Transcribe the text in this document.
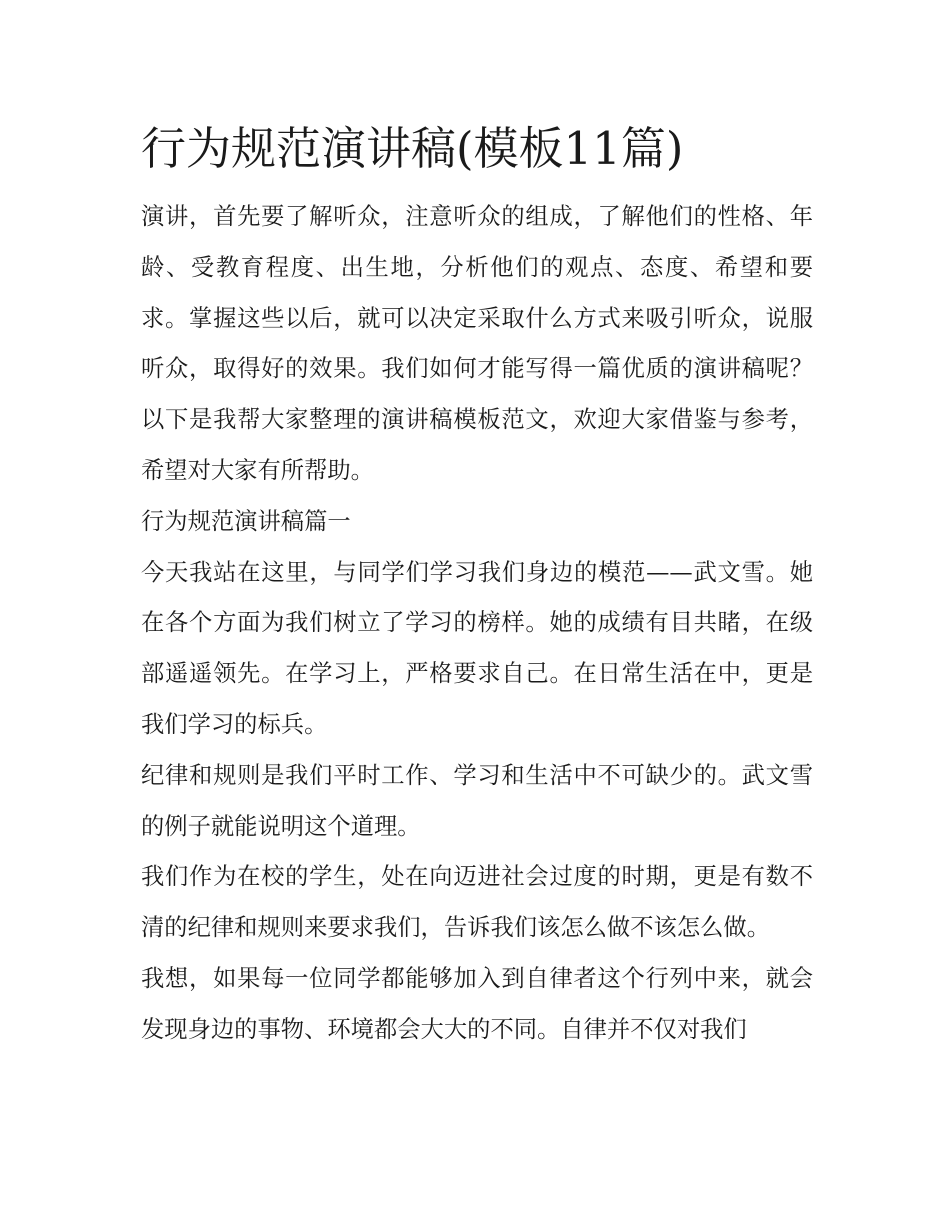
行为规范演讲稿(模板11篇)

演讲，首先要了解听众，注意听众的组成，了解他们的性格、年龄、受教育程度、出生地，分析他们的观点、态度、希望和要求。掌握这些以后，就可以决定采取什么方式来吸引听众，说服听众，取得好的效果。我们如何才能写得一篇优质的演讲稿呢？以下是我帮大家整理的演讲稿模板范文，欢迎大家借鉴与参考，希望对大家有所帮助。

行为规范演讲稿篇一

今天我站在这里，与同学们学习我们身边的模范——武文雪。她在各个方面为我们树立了学习的榜样。她的成绩有目共睹，在级部遥遥领先。在学习上，严格要求自己。在日常生活在中，更是我们学习的标兵。

纪律和规则是我们平时工作、学习和生活中不可缺少的。武文雪的例子就能说明这个道理。

我们作为在校的学生，处在向迈进社会过度的时期，更是有数不清的纪律和规则来要求我们，告诉我们该怎么做不该怎么做。

我想，如果每一位同学都能够加入到自律者这个行列中来，就会发现身边的事物、环境都会大大的不同。自律并不仅对我们
